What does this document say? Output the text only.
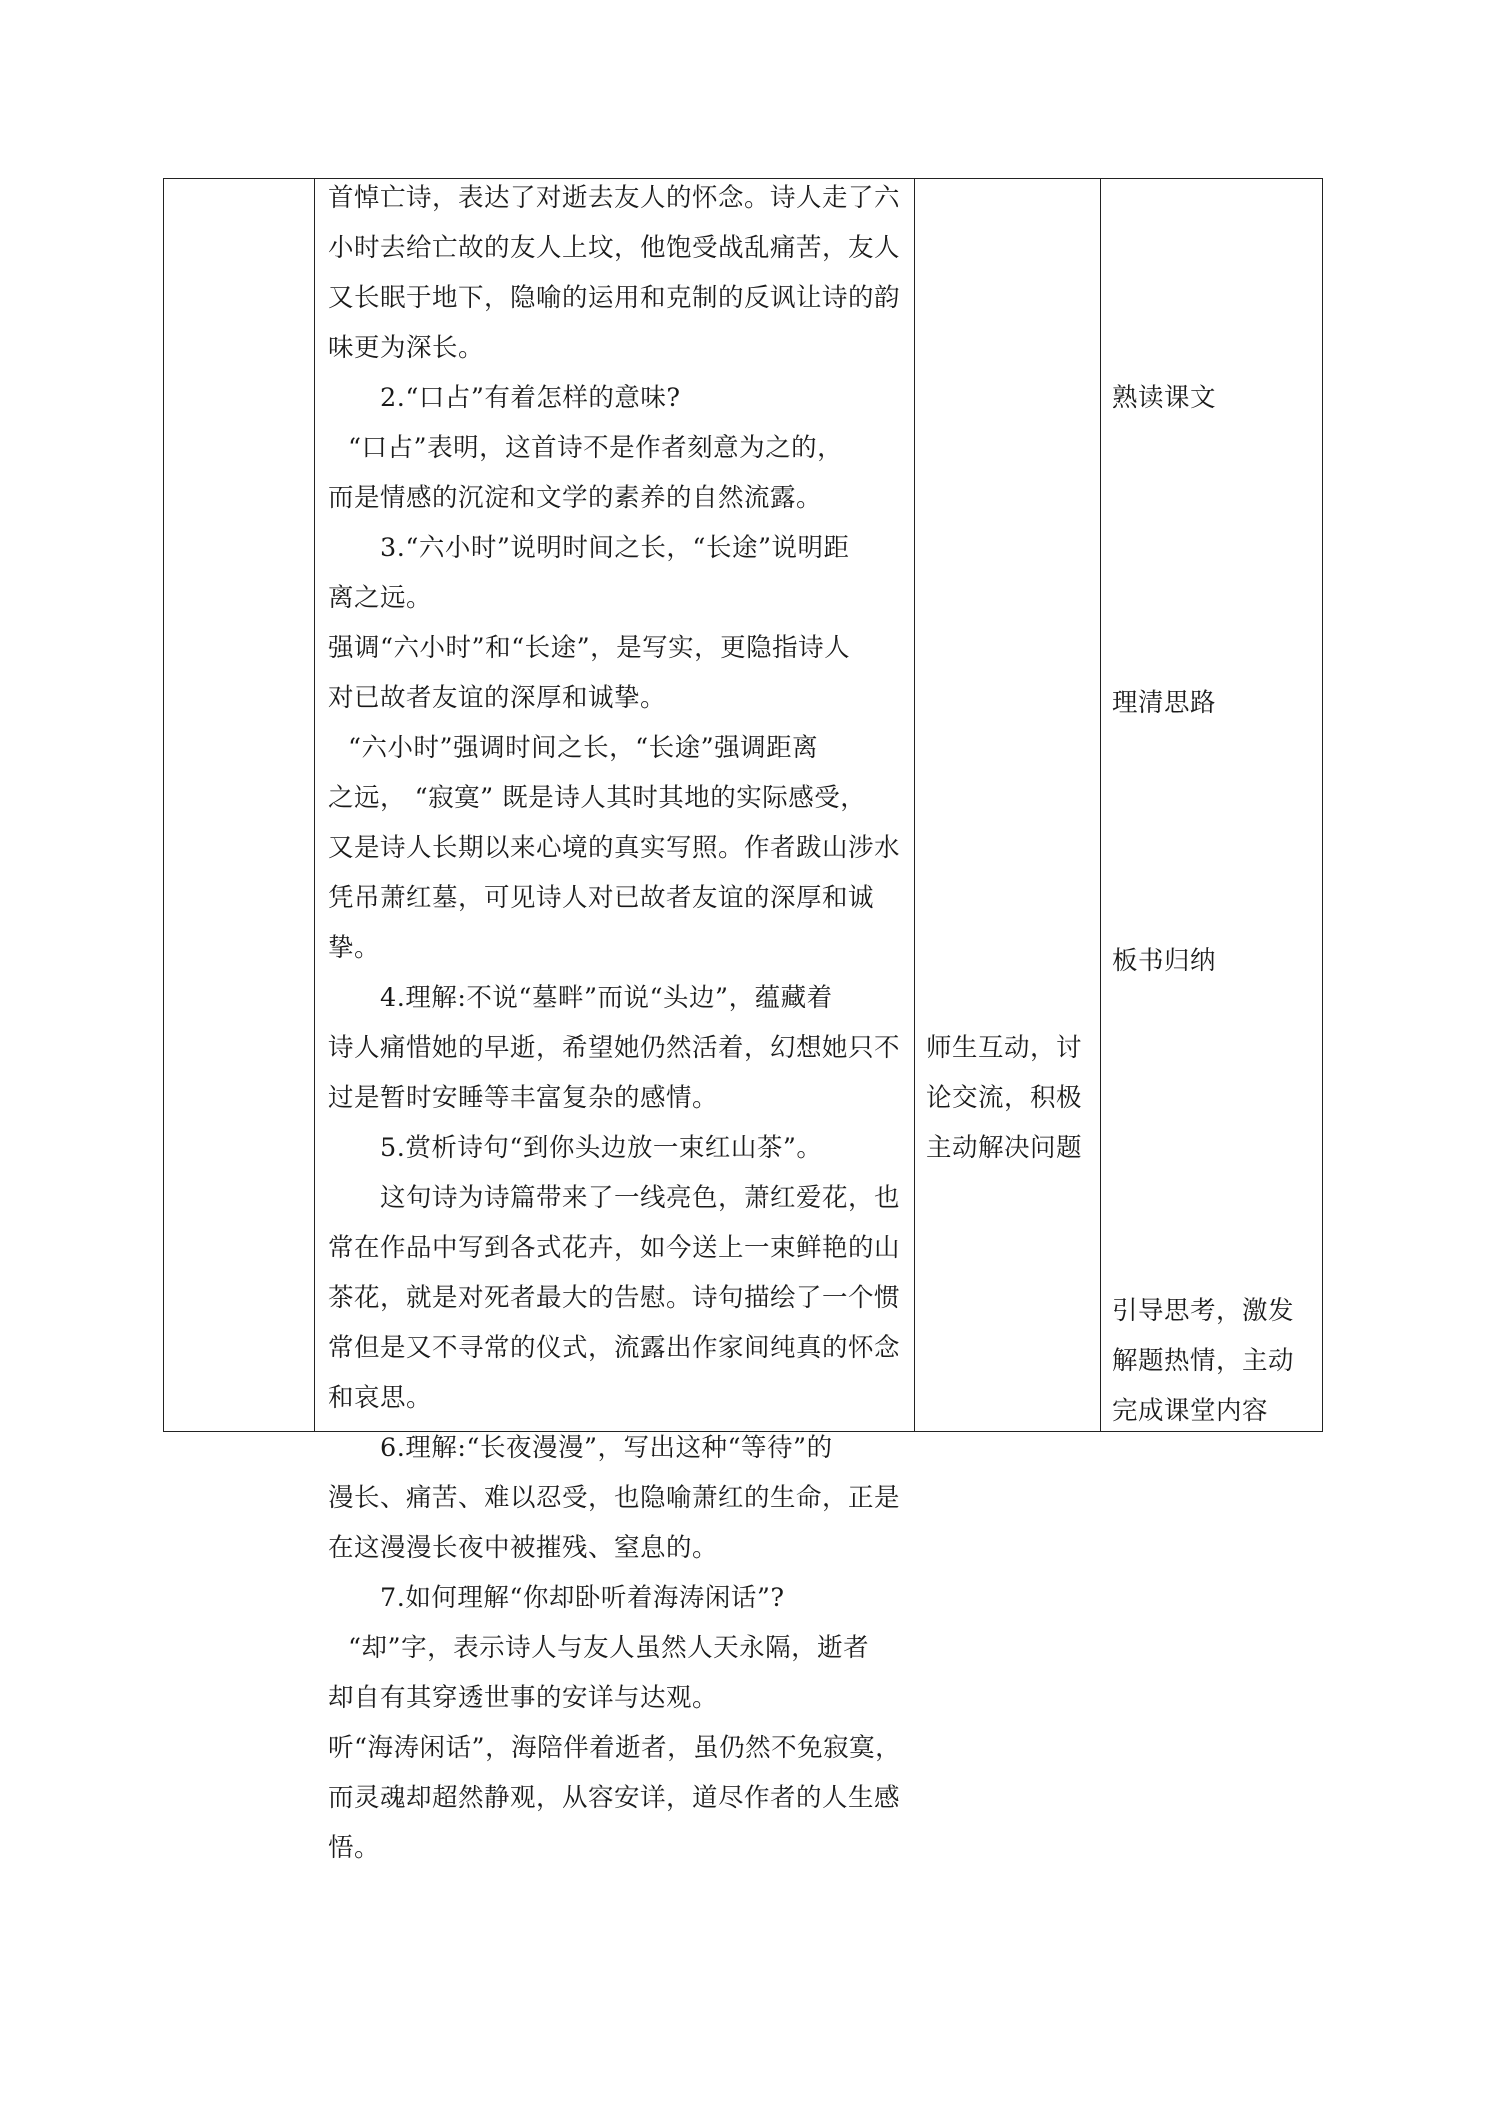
首悼亡诗，表达了对逝去友人的怀念。诗人走了六
小时去给亡故的友人上坟，他饱受战乱痛苦，友人
又长眠于地下，隐喻的运用和克制的反讽让诗的韵
味更为深长。
2.“口占”有着怎样的意味?
“口占”表明，这首诗不是作者刻意为之的，
而是情感的沉淀和文学的素养的自然流露。
3.“六小时”说明时间之长，“长途”说明距
离之远。
强调“六小时”和“长途”，是写实，更隐指诗人
对已故者友谊的深厚和诚挚。
“六小时”强调时间之长，“长途”强调距离
之远， “寂寞” 既是诗人其时其地的实际感受，
又是诗人长期以来心境的真实写照。作者跋山涉水
凭吊萧红墓，可见诗人对已故者友谊的深厚和诚
挚。
4.理解:不说“墓畔”而说“头边”，蕴藏着
诗人痛惜她的早逝，希望她仍然活着，幻想她只不
过是暂时安睡等丰富复杂的感情。
5.赏析诗句“到你头边放一束红山茶”。
这句诗为诗篇带来了一线亮色，萧红爱花，也
常在作品中写到各式花卉，如今送上一束鲜艳的山
茶花，就是对死者最大的告慰。诗句描绘了一个惯
常但是又不寻常的仪式，流露出作家间纯真的怀念
和哀思。
6.理解:“长夜漫漫”，写出这种“等待”的
漫长、痛苦、难以忍受，也隐喻萧红的生命，正是
在这漫漫长夜中被摧残、窒息的。
7.如何理解“你却卧听着海涛闲话”?
“却”字，表示诗人与友人虽然人天永隔，逝者
却自有其穿透世事的安详与达观。
听“海涛闲话”，海陪伴着逝者，虽仍然不免寂寞，
而灵魂却超然静观，从容安详，道尽作者的人生感
悟。
师生互动，讨
论交流，积极
主动解决问题
熟读课文
理清思路
板书归纳
引导思考，激发
解题热情，主动
完成课堂内容
